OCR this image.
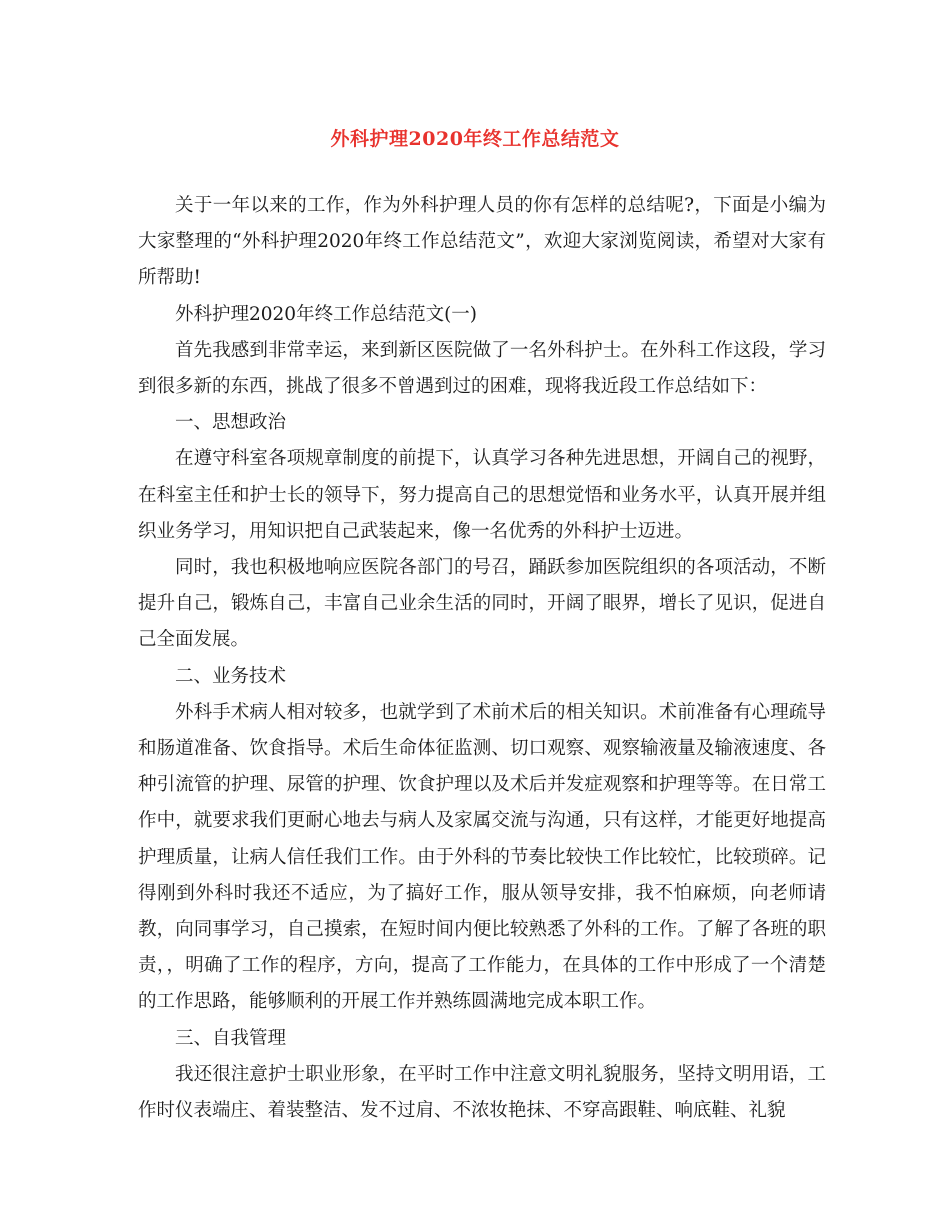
外科护理2020年终工作总结范文

关于一年以来的工作，作为外科护理人员的你有怎样的总结呢?，下面是小编为大家整理的“外科护理2020年终工作总结范文”，欢迎大家浏览阅读，希望对大家有所帮助!

外科护理2020年终工作总结范文(一)

首先我感到非常幸运，来到新区医院做了一名外科护士。在外科工作这段，学习到很多新的东西，挑战了很多不曾遇到过的困难，现将我近段工作总结如下：

一、思想政治

在遵守科室各项规章制度的前提下，认真学习各种先进思想，开阔自己的视野，在科室主任和护士长的领导下，努力提高自己的思想觉悟和业务水平，认真开展并组织业务学习，用知识把自己武装起来，像一名优秀的外科护士迈进。

同时，我也积极地响应医院各部门的号召，踊跃参加医院组织的各项活动，不断提升自己，锻炼自己，丰富自己业余生活的同时，开阔了眼界，增长了见识，促进自己全面发展。

二、业务技术

外科手术病人相对较多，也就学到了术前术后的相关知识。术前准备有心理疏导和肠道准备、饮食指导。术后生命体征监测、切口观察、观察输液量及输液速度、各种引流管的护理、尿管的护理、饮食护理以及术后并发症观察和护理等等。在日常工作中，就要求我们更耐心地去与病人及家属交流与沟通，只有这样，才能更好地提高护理质量，让病人信任我们工作。由于外科的节奏比较快工作比较忙，比较琐碎。记得刚到外科时我还不适应，为了搞好工作，服从领导安排，我不怕麻烦，向老师请教，向同事学习，自己摸索，在短时间内便比较熟悉了外科的工作。了解了各班的职责，，明确了工作的程序，方向，提高了工作能力，在具体的工作中形成了一个清楚的工作思路，能够顺利的开展工作并熟练圆满地完成本职工作。

三、自我管理

我还很注意护士职业形象，在平时工作中注意文明礼貌服务，坚持文明用语，工作时仪表端庄、着装整洁、发不过肩、不浓妆艳抹、不穿高跟鞋、响底鞋、礼貌
